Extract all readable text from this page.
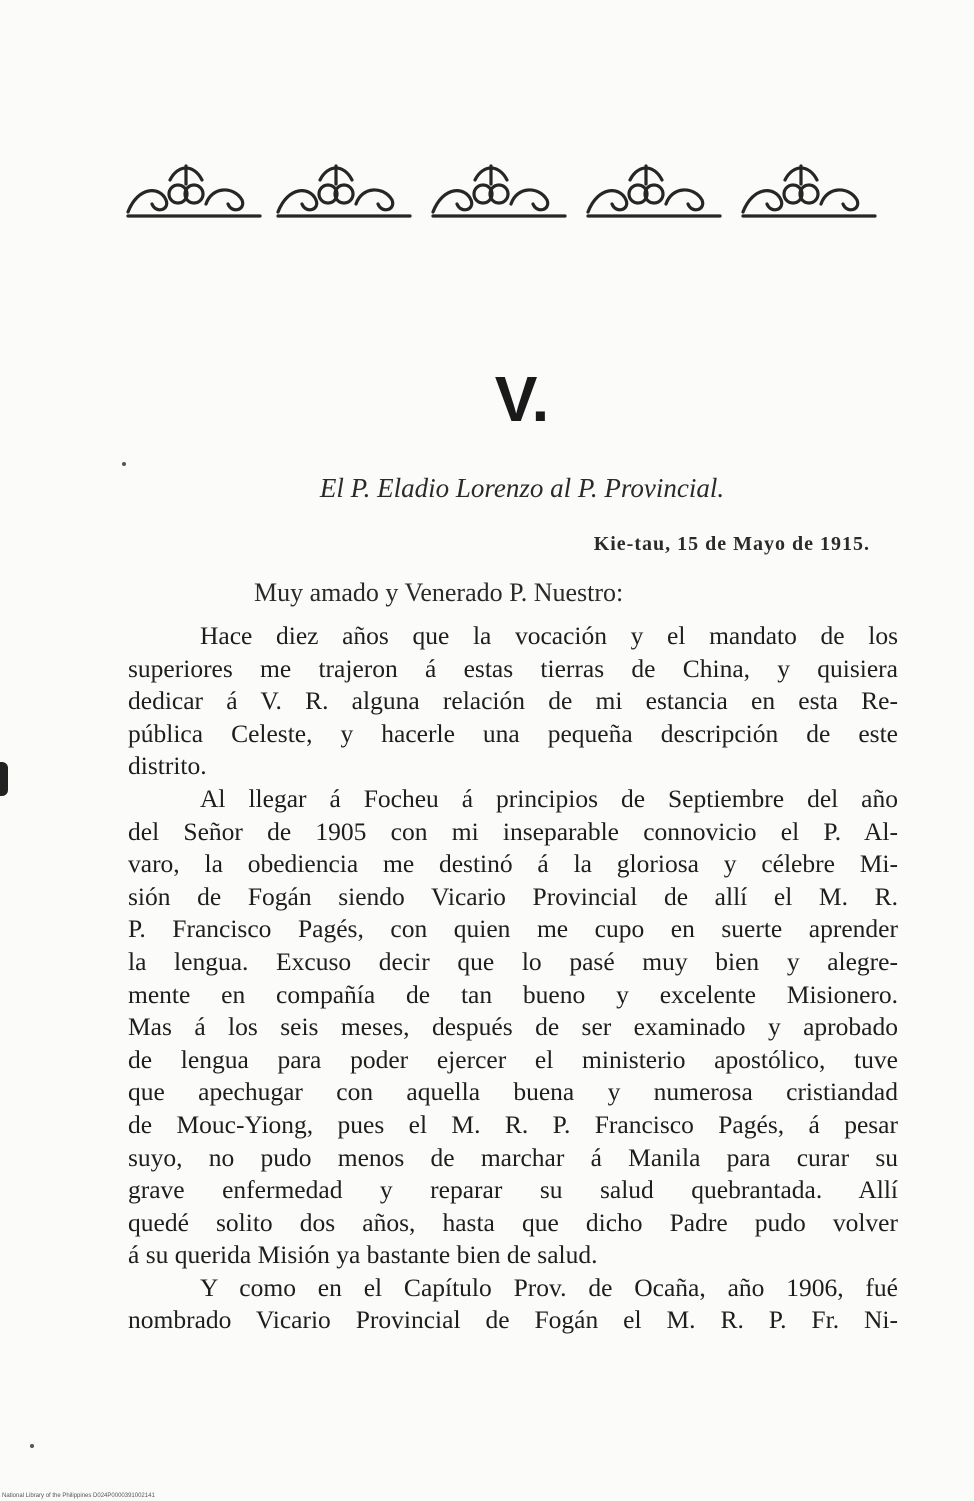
V.
El P. Eladio Lorenzo al P. Provincial.
Kie-tau, 15 de Mayo de 1915.
Muy amado y Venerado P. Nuestro:
Hace diez años que la vocación y el mandato de los
superiores me trajeron á estas tierras de China, y quisiera
dedicar á V. R. alguna relación de mi estancia en esta Re-
pública Celeste, y hacerle una pequeña descripción de este
distrito.
Al llegar á Focheu á principios de Septiembre del año
del Señor de 1905 con mi inseparable connovicio el P. Al-
varo, la obediencia me destinó á la gloriosa y célebre Mi-
sión de Fogán siendo Vicario Provincial de allí el M. R.
P. Francisco Pagés, con quien me cupo en suerte aprender
la lengua. Excuso decir que lo pasé muy bien y alegre-
mente en compañía de tan bueno y excelente Misionero.
Mas á los seis meses, después de ser examinado y aprobado
de lengua para poder ejercer el ministerio apostólico, tuve
que apechugar con aquella buena y numerosa cristiandad
de Mouc-Yiong, pues el M. R. P. Francisco Pagés, á pesar
suyo, no pudo menos de marchar á Manila para curar su
grave enfermedad y reparar su salud quebrantada. Allí
quedé solito dos años, hasta que dicho Padre pudo volver
á su querida Misión ya bastante bien de salud.
Y como en el Capítulo Prov. de Ocaña, año 1906, fué
nombrado Vicario Provincial de Fogán el M. R. P. Fr. Ni-
National Library of the Philippines D024P0000391002141
